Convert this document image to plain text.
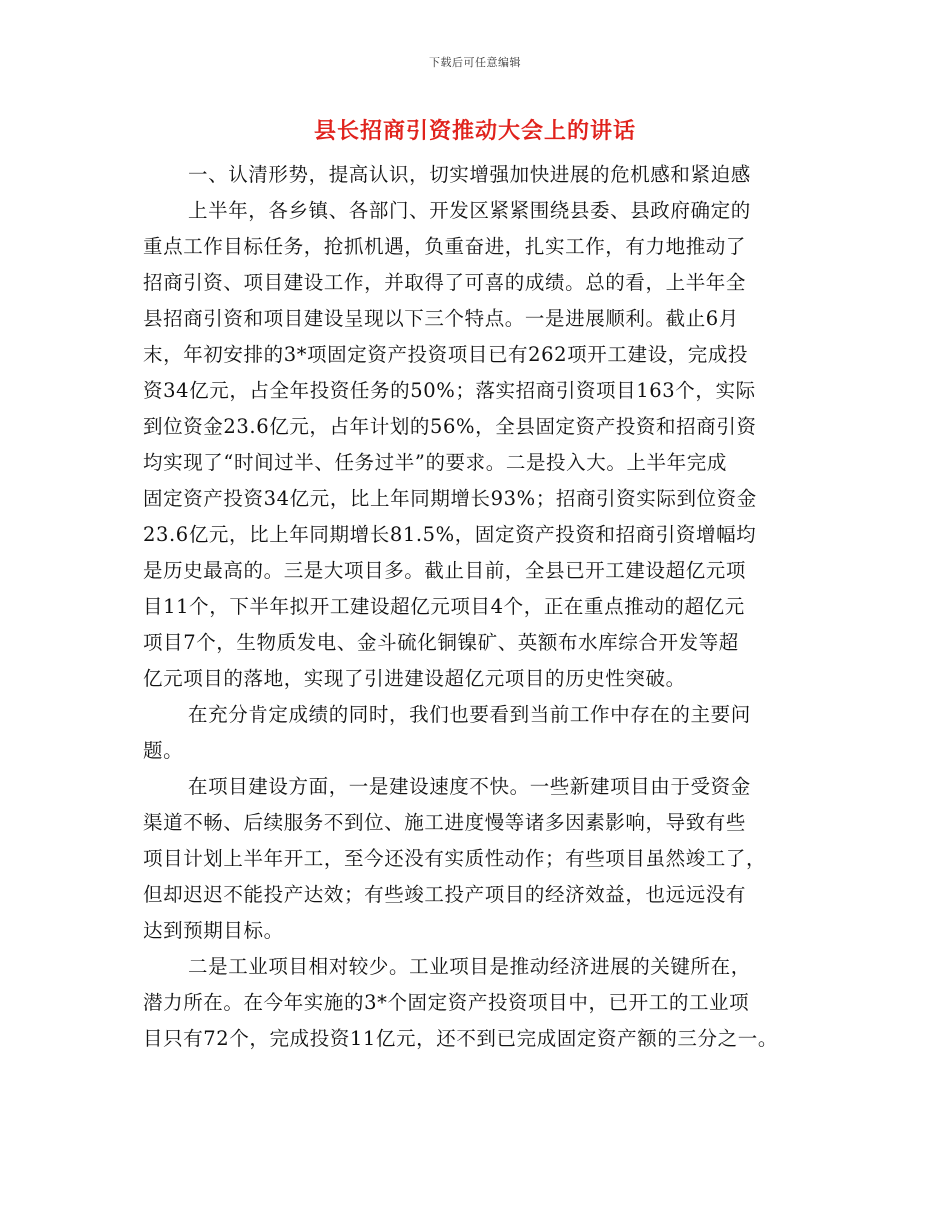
下载后可任意编辑
县长招商引资推动大会上的讲话

一、认清形势，提高认识，切实增强加快进展的危机感和紧迫感

上半年，各乡镇、各部门、开发区紧紧围绕县委、县政府确定的
重点工作目标任务，抢抓机遇，负重奋进，扎实工作，有力地推动了
招商引资、项目建设工作，并取得了可喜的成绩。总的看，上半年全
县招商引资和项目建设呈现以下三个特点。一是进展顺利。截止6月
末，年初安排的3*项固定资产投资项目已有262项开工建设，完成投
资34亿元，占全年投资任务的50%；落实招商引资项目163个，实际
到位资金23.6亿元，占年计划的56%，全县固定资产投资和招商引资
均实现了“时间过半、任务过半”的要求。二是投入大。上半年完成
固定资产投资34亿元，比上年同期增长93%；招商引资实际到位资金
23.6亿元，比上年同期增长81.5%，固定资产投资和招商引资增幅均
是历史最高的。三是大项目多。截止目前，全县已开工建设超亿元项
目11个，下半年拟开工建设超亿元项目4个，正在重点推动的超亿元
项目7个，生物质发电、金斗硫化铜镍矿、英额布水库综合开发等超
亿元项目的落地，实现了引进建设超亿元项目的历史性突破。

在充分肯定成绩的同时，我们也要看到当前工作中存在的主要问
题。

在项目建设方面，一是建设速度不快。一些新建项目由于受资金
渠道不畅、后续服务不到位、施工进度慢等诸多因素影响，导致有些
项目计划上半年开工，至今还没有实质性动作；有些项目虽然竣工了，
但却迟迟不能投产达效；有些竣工投产项目的经济效益，也远远没有
达到预期目标。

二是工业项目相对较少。工业项目是推动经济进展的关键所在，
潜力所在。在今年实施的3*个固定资产投资项目中，已开工的工业项
目只有72个，完成投资11亿元，还不到已完成固定资产额的三分之一。
